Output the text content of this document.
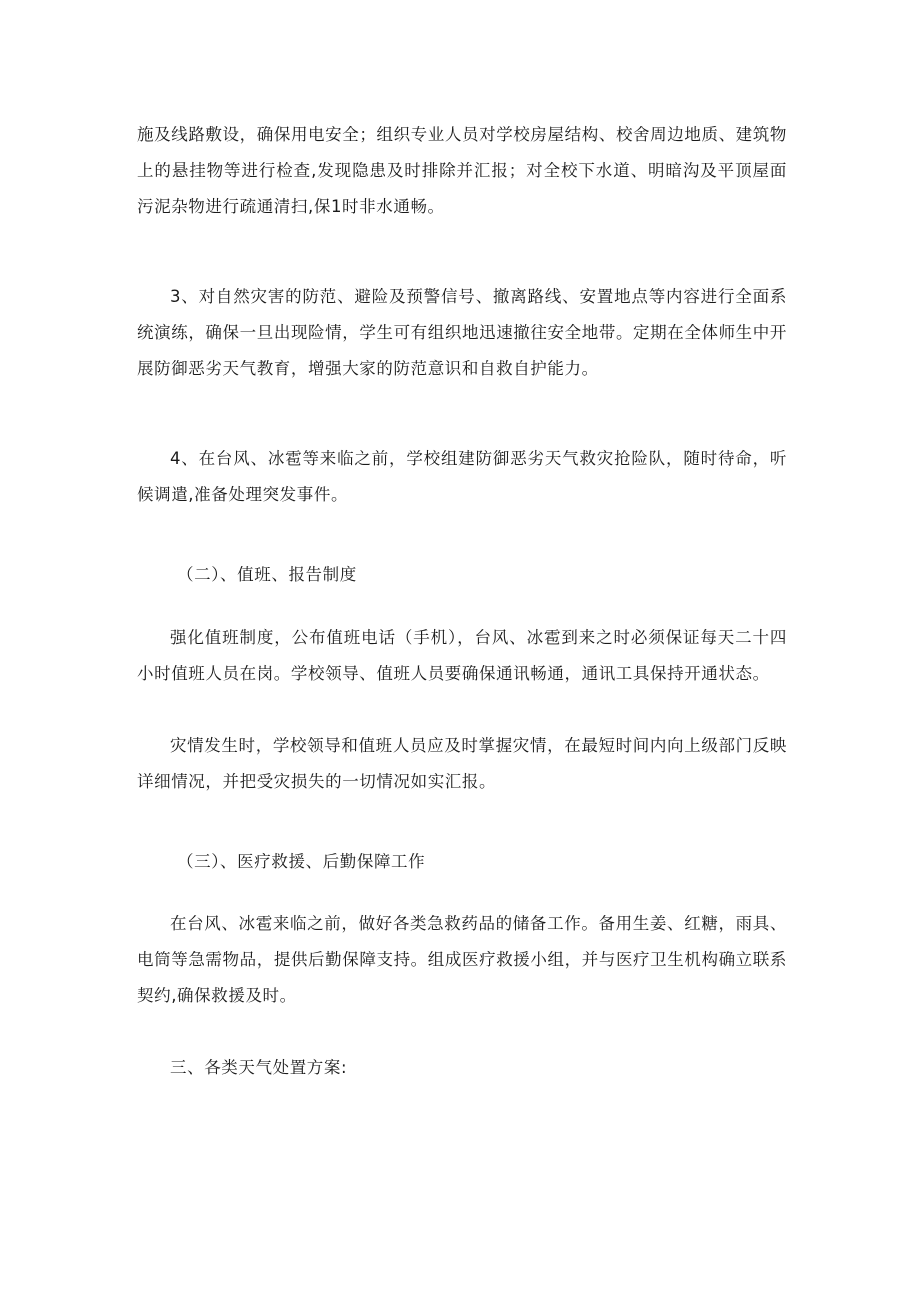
施及线路敷设，确保用电安全；组织专业人员对学校房屋结构、校舍周边地质、建筑物上的悬挂物等进行检查,发现隐患及时排除并汇报；对全校下水道、明暗沟及平顶屋面污泥杂物进行疏通清扫,保1时非水通畅。

3、对自然灾害的防范、避险及预警信号、撤离路线、安置地点等内容进行全面系统演练，确保一旦出现险情，学生可有组织地迅速撤往安全地带。定期在全体师生中开展防御恶劣天气教育，增强大家的防范意识和自救自护能力。

4、在台风、冰雹等来临之前，学校组建防御恶劣天气救灾抢险队，随时待命，听候调遣,准备处理突发事件。

（二）、值班、报告制度

强化值班制度，公布值班电话（手机），台风、冰雹到来之时必须保证每天二十四小时值班人员在岗。学校领导、值班人员要确保通讯畅通，通讯工具保持开通状态。

灾情发生时，学校领导和值班人员应及时掌握灾情，在最短时间内向上级部门反映详细情况，并把受灾损失的一切情况如实汇报。

（三）、医疗救援、后勤保障工作

在台风、冰雹来临之前，做好各类急救药品的储备工作。备用生姜、红糖，雨具、电筒等急需物品，提供后勤保障支持。组成医疗救援小组，并与医疗卫生机构确立联系契约,确保救援及时。

三、各类天气处置方案:
